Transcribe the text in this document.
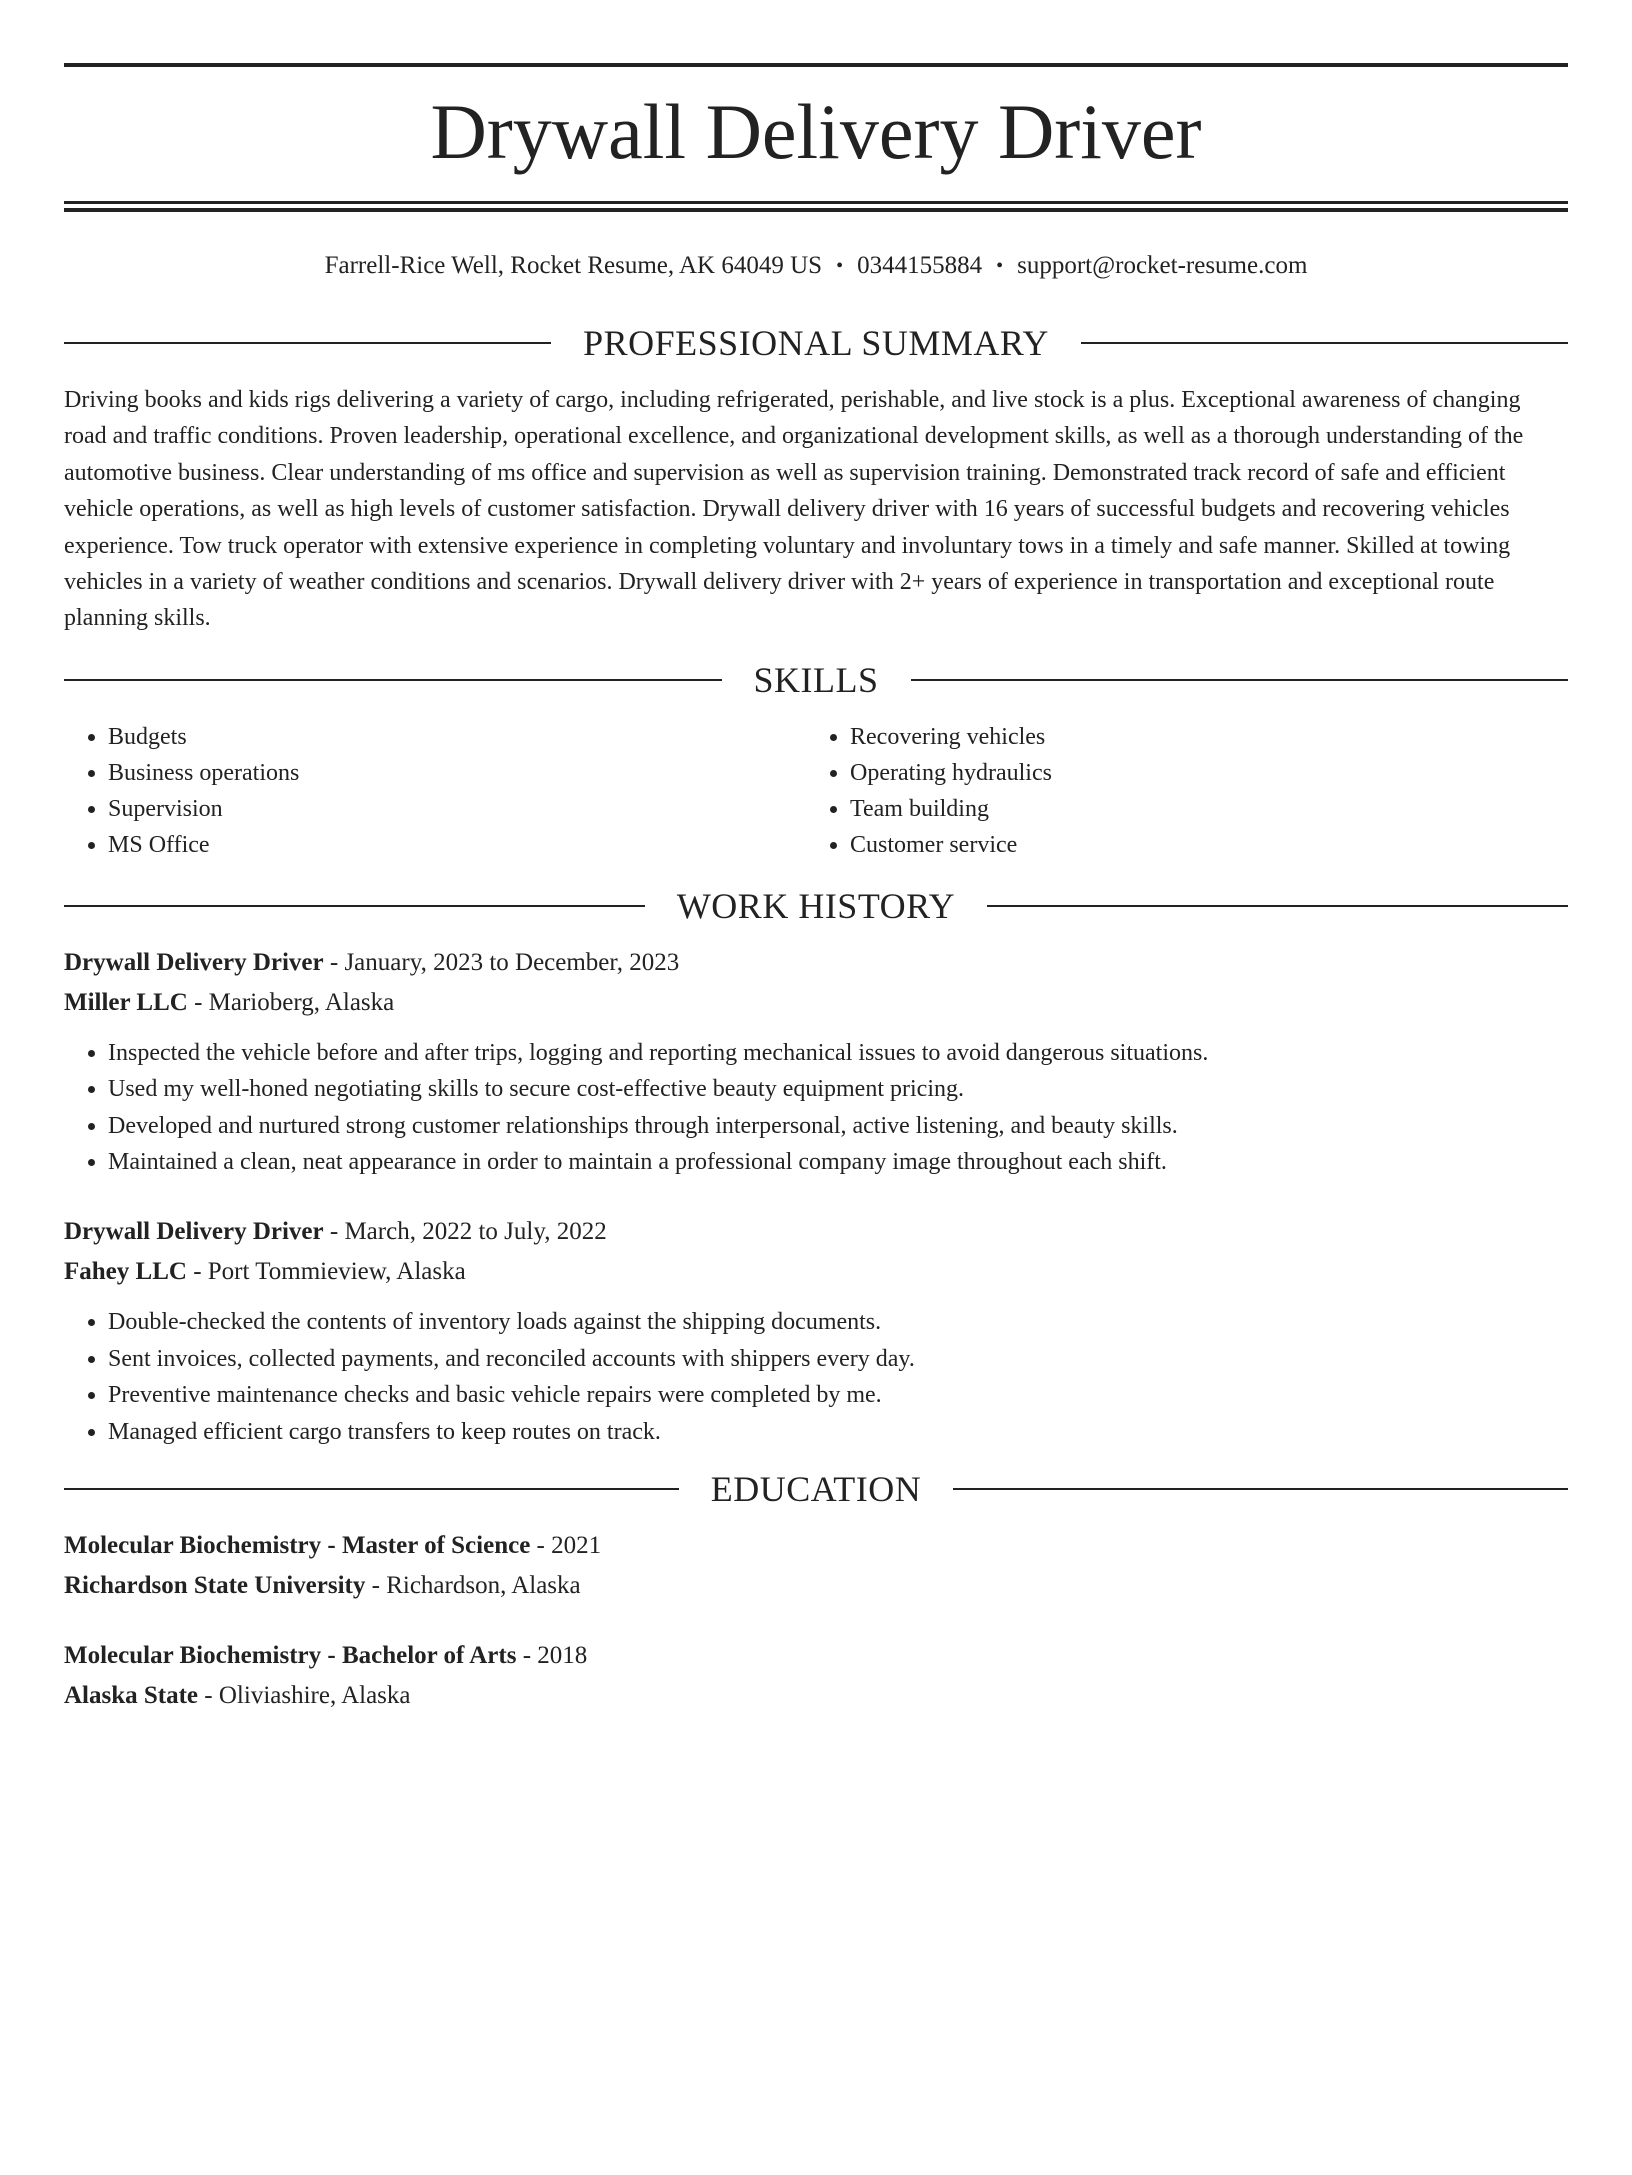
Drywall Delivery Driver
Farrell-Rice Well, Rocket Resume, AK 64049 US • 0344155884 • support@rocket-resume.com
PROFESSIONAL SUMMARY

Driving books and kids rigs delivering a variety of cargo, including refrigerated, perishable, and live stock is a plus. Exceptional awareness of changing road and traffic conditions. Proven leadership, operational excellence, and organizational development skills, as well as a thorough understanding of the automotive business. Clear understanding of ms office and supervision as well as supervision training. Demonstrated track record of safe and efficient vehicle operations, as well as high levels of customer satisfaction. Drywall delivery driver with 16 years of successful budgets and recovering vehicles experience. Tow truck operator with extensive experience in completing voluntary and involuntary tows in a timely and safe manner. Skilled at towing vehicles in a variety of weather conditions and scenarios. Drywall delivery driver with 2+ years of experience in transportation and exceptional route planning skills.

SKILLS
• Budgets
• Business operations
• Supervision
• MS Office
• Recovering vehicles
• Operating hydraulics
• Team building
• Customer service
WORK HISTORY
Drywall Delivery Driver - January, 2023 to December, 2023
Miller LLC - Marioberg, Alaska
• Inspected the vehicle before and after trips, logging and reporting mechanical issues to avoid dangerous situations.
• Used my well-honed negotiating skills to secure cost-effective beauty equipment pricing.
• Developed and nurtured strong customer relationships through interpersonal, active listening, and beauty skills.
• Maintained a clean, neat appearance in order to maintain a professional company image throughout each shift.
Drywall Delivery Driver - March, 2022 to July, 2022
Fahey LLC - Port Tommieview, Alaska
• Double-checked the contents of inventory loads against the shipping documents.
• Sent invoices, collected payments, and reconciled accounts with shippers every day.
• Preventive maintenance checks and basic vehicle repairs were completed by me.
• Managed efficient cargo transfers to keep routes on track.
EDUCATION
Molecular Biochemistry - Master of Science - 2021
Richardson State University - Richardson, Alaska
Molecular Biochemistry - Bachelor of Arts - 2018
Alaska State - Oliviashire, Alaska
